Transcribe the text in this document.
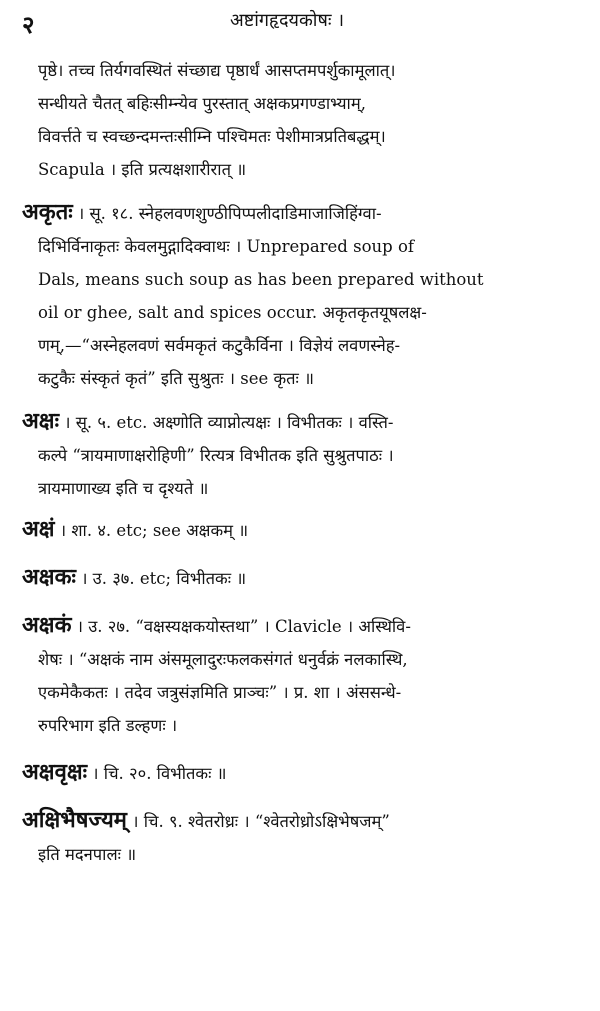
२	अष्टांगहृदयकोषः ।
पृष्ठे। तच्च तिर्यगवस्थितं संच्छाद्य पृष्ठार्धं आसप्तमपर्शुकामूलात्।
सन्धीयते चैतत् बहिःसीम्न्येव पुरस्तात् अक्षकप्रगण्डाभ्याम्,
विवर्त्तते च स्वच्छन्दमन्तःसीम्नि पश्चिमतः पेशीमात्रप्रतिबद्धम्।
Scapula । इति प्रत्यक्षशारीरात् ॥
अकृतः । सू. १८. स्नेहलवणशुण्ठीपिप्पलीदाडिमाजाजिहिंग्वा-
दिभिर्विनाकृतः केवलमुद्गादिक्वाथः । Unprepared soup of
Dals, means such soup as has been prepared without
oil or ghee, salt and spices occur. अकृतकृतयूषलक्ष-
णम्,—“अस्नेहलवणं सर्वमकृतं कटुकैर्विना । विज्ञेयं लवणस्नेह-
कटुकैः संस्कृतं कृतं” इति सुश्रुतः । see कृतः ॥
अक्षः । सू. ५. etc. अक्ष्णोति व्याप्नोत्यक्षः । विभीतकः । वस्ति-
कल्पे “त्रायमाणाक्षरोहिणी” रित्यत्र विभीतक इति सुश्रुतपाठः ।
त्रायमाणाख्य इति च दृश्यते ॥
अक्षं । शा. ४. etc; see अक्षकम् ॥
अक्षकः । उ. ३७. etc; विभीतकः ॥
अक्षकं । उ. २७. “वक्षस्यक्षकयोस्तथा” । Clavicle । अस्थिवि-
शेषः । “अक्षकं नाम अंसमूलादुरःफलकसंगतं धनुर्वक्रं नलकास्थि,
एकमेकैकतः । तदेव जत्रुसंज्ञमिति प्राञ्चः” । प्र. शा । अंससन्धे-
रुपरिभाग इति डल्हणः ।
अक्षवृक्षः । चि. २०. विभीतकः ॥
अक्षिभैषज्यम् । चि. ९. श्वेतरोध्रः । “श्वेतरोध्रोऽक्षिभेषजम्”
इति मदनपालः ॥
